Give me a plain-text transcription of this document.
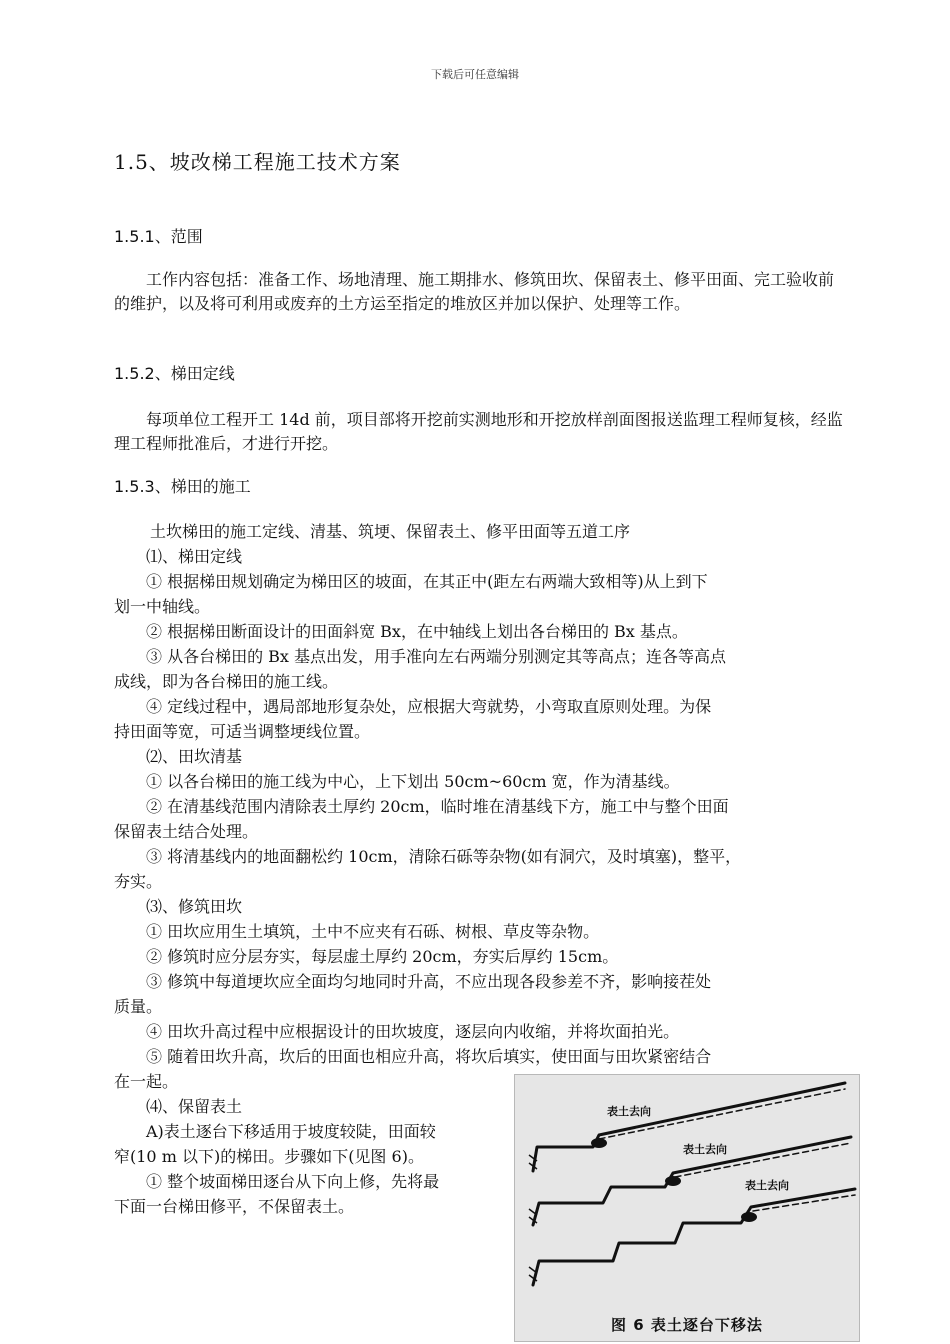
下载后可任意编辑
1.5、坡改梯工程施工技术方案
1.5.1、范围

工作内容包括：准备工作、场地清理、施工期排水、修筑田坎、保留表土、修平田面、完工验收前的维护，以及将可利用或废弃的土方运至指定的堆放区并加以保护、处理等工作。

1.5.2、梯田定线

每项单位工程开工 14d 前，项目部将开挖前实测地形和开挖放样剖面图报送监理工程师复核，经监理工程师批准后，才进行开挖。

1.5.3、梯田的施工

土坎梯田的施工定线、清基、筑埂、保留表土、修平田面等五道工序

⑴、梯田定线

① 根据梯田规划确定为梯田区的坡面，在其正中(距左右两端大致相等)从上到下

划一中轴线。

② 根据梯田断面设计的田面斜宽 Bx，在中轴线上划出各台梯田的 Bx 基点。

③ 从各台梯田的 Bx 基点出发，用手准向左右两端分别测定其等高点；连各等高点

成线，即为各台梯田的施工线。

④ 定线过程中，遇局部地形复杂处，应根据大弯就势，小弯取直原则处理。为保

持田面等宽，可适当调整埂线位置。

⑵、田坎清基

① 以各台梯田的施工线为中心，上下划出 50cm~60cm 宽，作为清基线。

② 在清基线范围内清除表土厚约 20cm，临时堆在清基线下方，施工中与整个田面

保留表土结合处理。

③ 将清基线内的地面翻松约 10cm，清除石砾等杂物(如有洞穴，及时填塞)，整平，

夯实。

⑶、修筑田坎

① 田坎应用生土填筑，土中不应夹有石砾、树根、草皮等杂物。

② 修筑时应分层夯实，每层虚土厚约 20cm，夯实后厚约 15cm。

③ 修筑中每道埂坎应全面均匀地同时升高，不应出现各段参差不齐，影响接茬处

质量。

④ 田坎升高过程中应根据设计的田坎坡度，逐层向内收缩，并将坎面拍光。

⑤ 随着田坎升高，坎后的田面也相应升高，将坎后填实，使田面与田坎紧密结合

在一起。

⑷、保留表土

A)表土逐台下移适用于坡度较陡，田面较

窄(10 m 以下)的梯田。步骤如下(见图 6)。

① 整个坡面梯田逐台从下向上修，先将最

下面一台梯田修平，不保留表土。

表土去向
表土去向
表土去向
图 6 表土逐台下移法
